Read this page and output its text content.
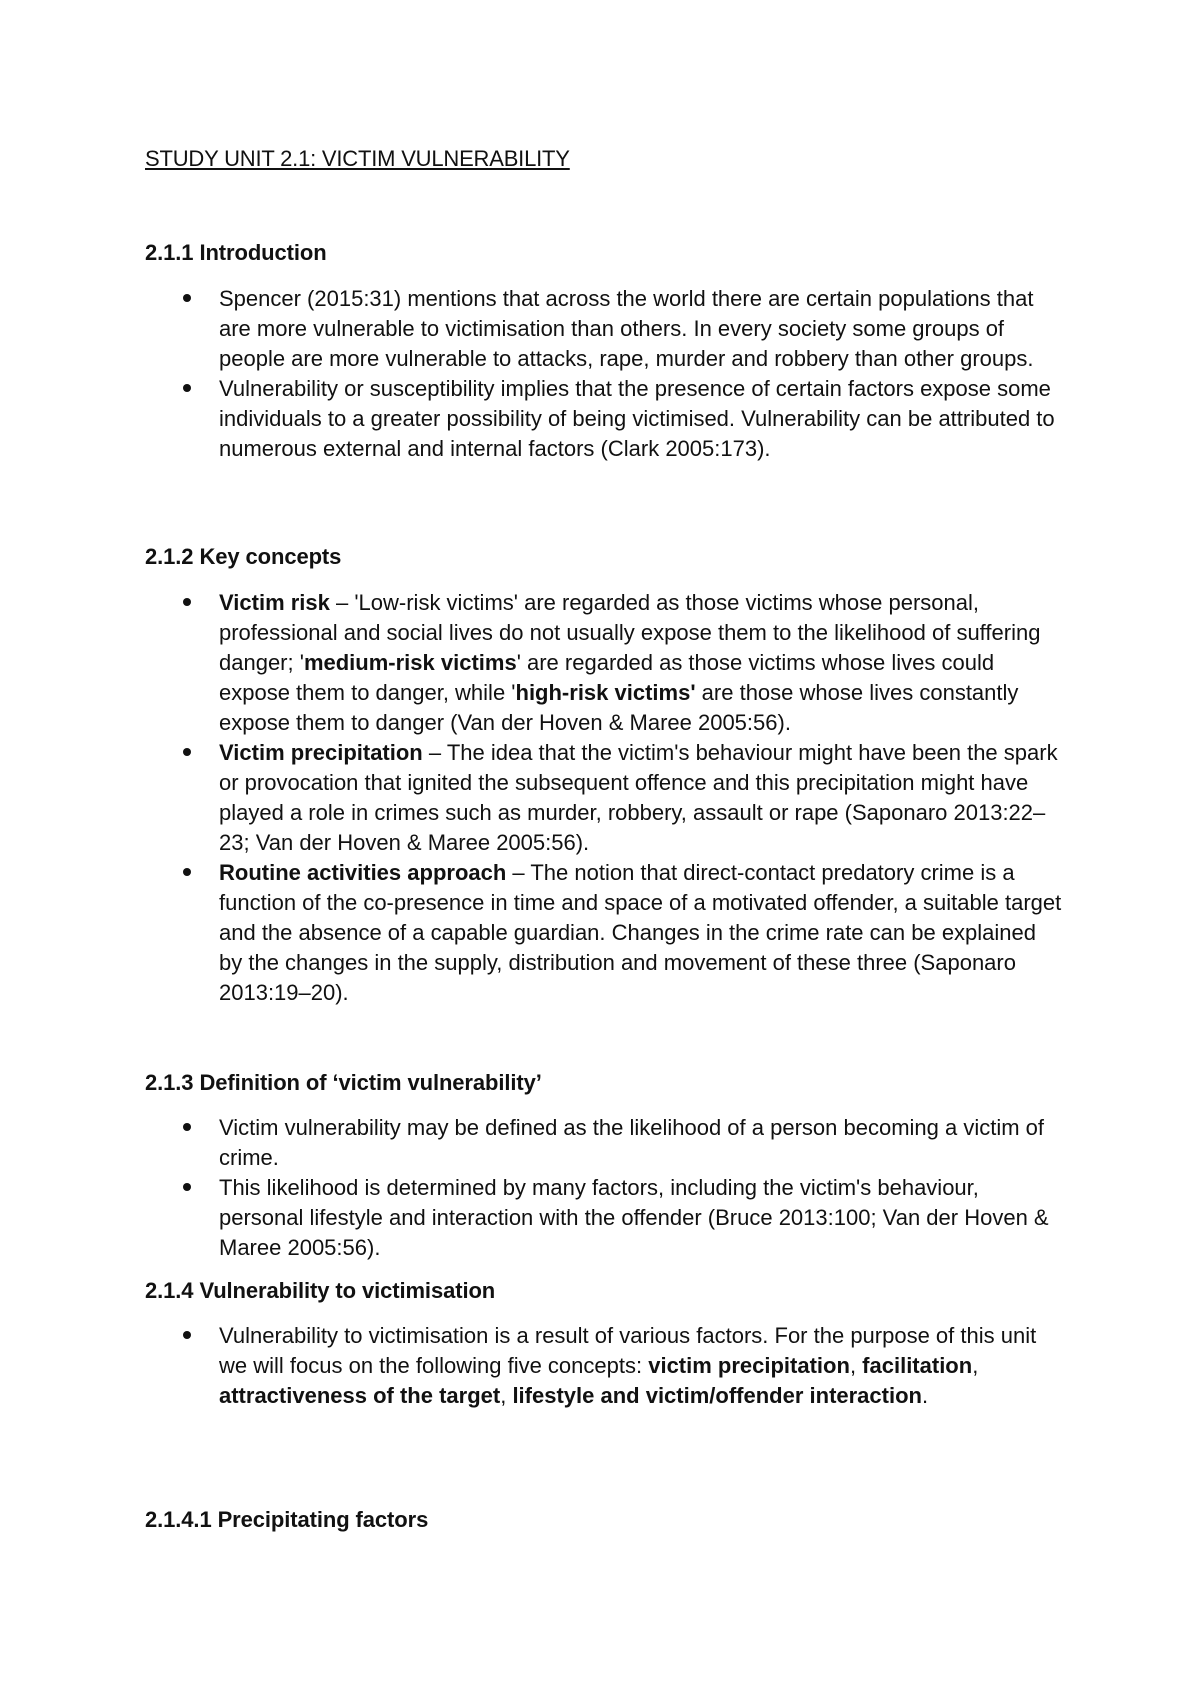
STUDY UNIT 2.1: VICTIM VULNERABILITY
2.1.1 Introduction
Spencer (2015:31) mentions that across the world there are certain populations that are more vulnerable to victimisation than others. In every society some groups of people are more vulnerable to attacks, rape, murder and robbery than other groups.
Vulnerability or susceptibility implies that the presence of certain factors expose some individuals to a greater possibility of being victimised. Vulnerability can be attributed to numerous external and internal factors (Clark 2005:173).
2.1.2 Key concepts
Victim risk – 'Low-risk victims' are regarded as those victims whose personal, professional and social lives do not usually expose them to the likelihood of suffering danger; 'medium-risk victims' are regarded as those victims whose lives could expose them to danger, while 'high-risk victims' are those whose lives constantly expose them to danger (Van der Hoven & Maree 2005:56).
Victim precipitation – The idea that the victim's behaviour might have been the spark or provocation that ignited the subsequent offence and this precipitation might have played a role in crimes such as murder, robbery, assault or rape (Saponaro 2013:22–23; Van der Hoven & Maree 2005:56).
Routine activities approach – The notion that direct-contact predatory crime is a function of the co-presence in time and space of a motivated offender, a suitable target and the absence of a capable guardian. Changes in the crime rate can be explained by the changes in the supply, distribution and movement of these three (Saponaro 2013:19–20).
2.1.3 Definition of ‘victim vulnerability’
Victim vulnerability may be defined as the likelihood of a person becoming a victim of crime.
This likelihood is determined by many factors, including the victim's behaviour, personal lifestyle and interaction with the offender (Bruce 2013:100; Van der Hoven & Maree 2005:56).
2.1.4 Vulnerability to victimisation
Vulnerability to victimisation is a result of various factors. For the purpose of this unit we will focus on the following five concepts: victim precipitation, facilitation, attractiveness of the target, lifestyle and victim/offender interaction.
2.1.4.1 Precipitating factors
